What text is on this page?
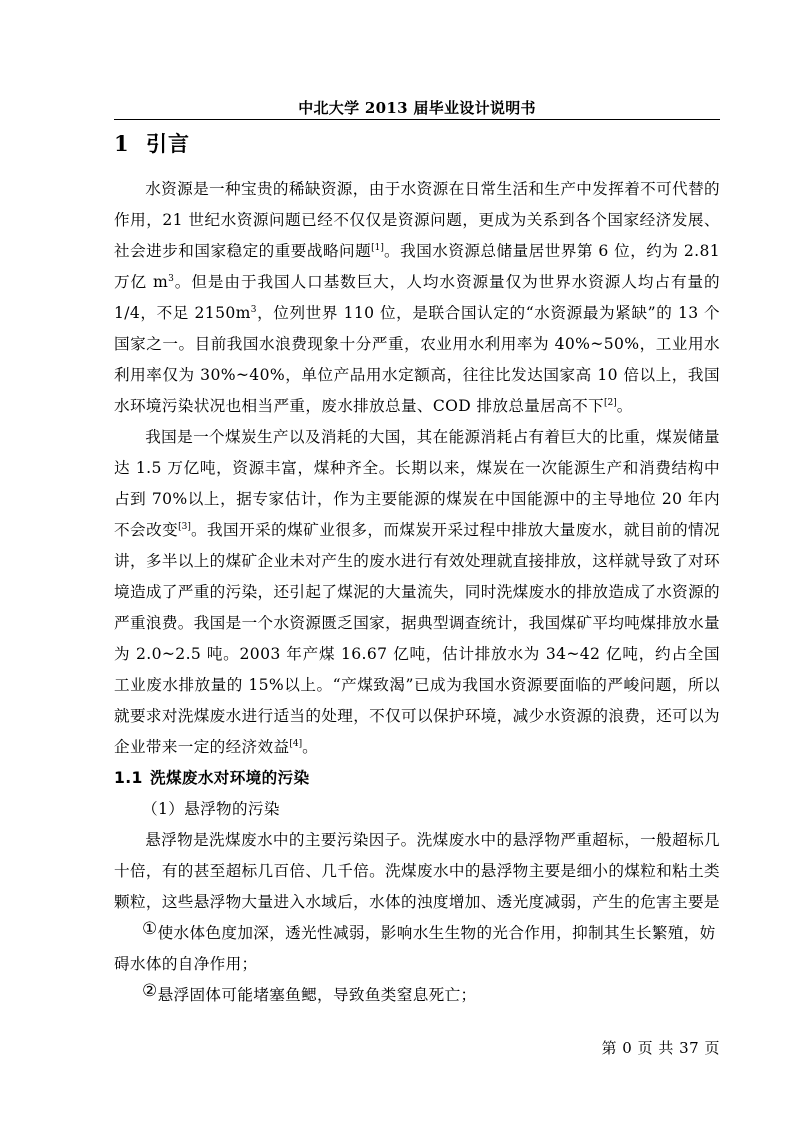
中北大学 2013 届毕业设计说明书
1 引言

水资源是一种宝贵的稀缺资源，由于水资源在日常生活和生产中发挥着不可代替的作用，21 世纪水资源问题已经不仅仅是资源问题，更成为关系到各个国家经济发展、社会进步和国家稳定的重要战略问题[1]。我国水资源总储量居世界第 6 位，约为 2.81 万亿 $m^3$。但是由于我国人口基数巨大，人均水资源量仅为世界水资源人均占有量的 1/4，不足 $2150m^3$，位列世界 110 位，是联合国认定的“水资源最为紧缺”的 13 个国家之一。目前我国水浪费现象十分严重，农业用水利用率为 40%~50%，工业用水利用率仅为 30%~40%，单位产品用水定额高，往往比发达国家高 10 倍以上，我国水环境污染状况也相当严重，废水排放总量、COD 排放总量居高不下[2]。

我国是一个煤炭生产以及消耗的大国，其在能源消耗占有着巨大的比重，煤炭储量达 1.5 万亿吨，资源丰富，煤种齐全。长期以来，煤炭在一次能源生产和消费结构中占到 70%以上，据专家估计，作为主要能源的煤炭在中国能源中的主导地位 20 年内不会改变[3]。我国开采的煤矿业很多，而煤炭开采过程中排放大量废水，就目前的情况讲，多半以上的煤矿企业未对产生的废水进行有效处理就直接排放，这样就导致了对环境造成了严重的污染，还引起了煤泥的大量流失，同时洗煤废水的排放造成了水资源的严重浪费。我国是一个水资源匮乏国家，据典型调查统计，我国煤矿平均吨煤排放水量为 2.0~2.5 吨。2003 年产煤 16.67 亿吨，估计排放水为 34~42 亿吨，约占全国工业废水排放量的 15%以上。“产煤致渴”已成为我国水资源要面临的严峻问题，所以就要求对洗煤废水进行适当的处理，不仅可以保护环境，减少水资源的浪费，还可以为企业带来一定的经济效益[4]。

1.1 洗煤废水对环境的污染
（1）悬浮物的污染

悬浮物是洗煤废水中的主要污染因子。洗煤废水中的悬浮物严重超标，一般超标几十倍，有的甚至超标几百倍、几千倍。洗煤废水中的悬浮物主要是细小的煤粒和粘土类颗粒，这些悬浮物大量进入水域后，水体的浊度增加、透光度减弱，产生的危害主要是

①使水体色度加深，透光性减弱，影响水生生物的光合作用，抑制其生长繁殖，妨
碍水体的自净作用；

②悬浮固体可能堵塞鱼鳃，导致鱼类窒息死亡；

第 0 页 共 37 页
